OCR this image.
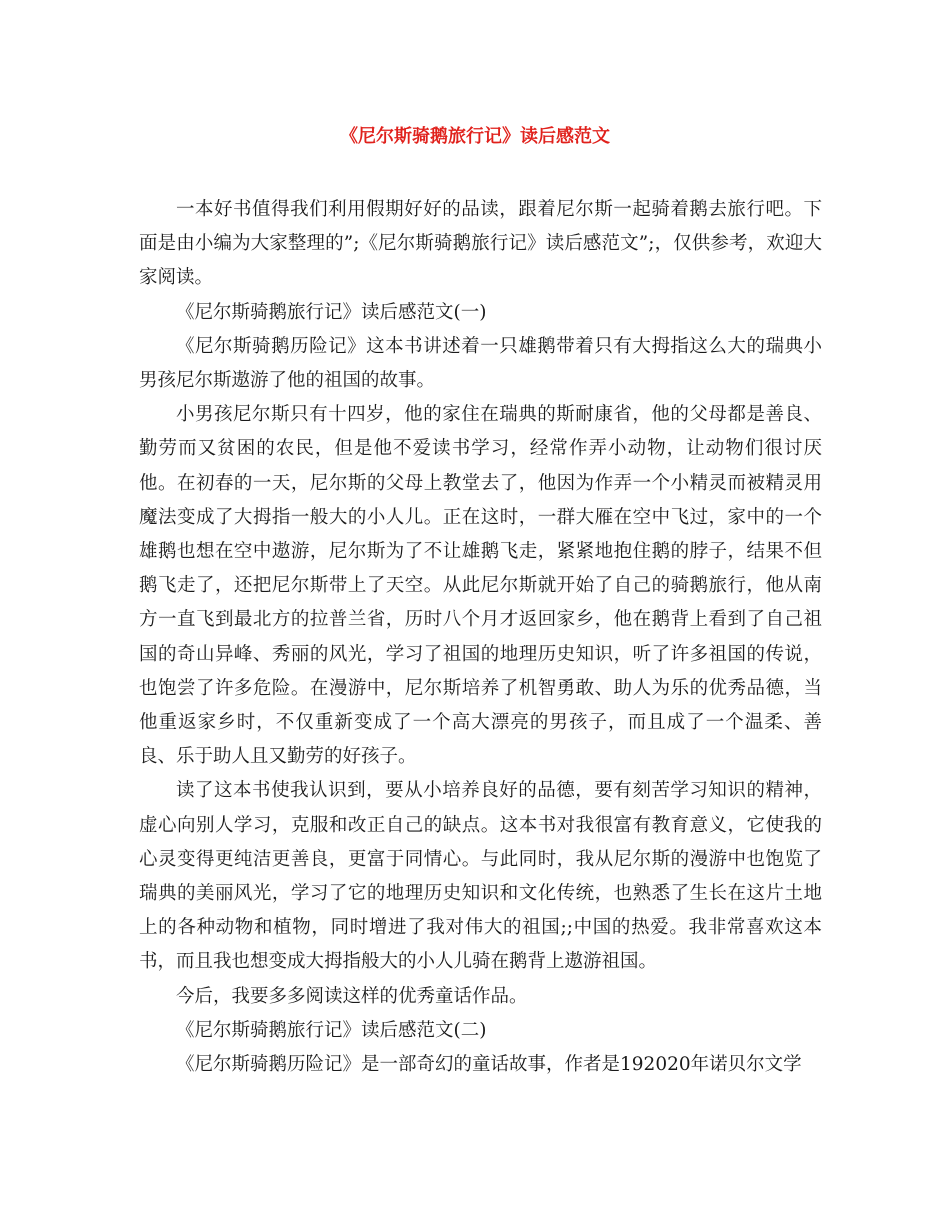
《尼尔斯骑鹅旅行记》读后感范文

一本好书值得我们利用假期好好的品读，跟着尼尔斯一起骑着鹅去旅行吧。下面是由小编为大家整理的”;《尼尔斯骑鹅旅行记》读后感范文”;，仅供参考，欢迎大家阅读。

《尼尔斯骑鹅旅行记》读后感范文(一)

《尼尔斯骑鹅历险记》这本书讲述着一只雄鹅带着只有大拇指这么大的瑞典小男孩尼尔斯遨游了他的祖国的故事。

小男孩尼尔斯只有十四岁，他的家住在瑞典的斯耐康省，他的父母都是善良、勤劳而又贫困的农民，但是他不爱读书学习，经常作弄小动物，让动物们很讨厌他。在初春的一天，尼尔斯的父母上教堂去了，他因为作弄一个小精灵而被精灵用魔法变成了大拇指一般大的小人儿。正在这时，一群大雁在空中飞过，家中的一个雄鹅也想在空中遨游，尼尔斯为了不让雄鹅飞走，紧紧地抱住鹅的脖子，结果不但鹅飞走了，还把尼尔斯带上了天空。从此尼尔斯就开始了自己的骑鹅旅行，他从南方一直飞到最北方的拉普兰省，历时八个月才返回家乡，他在鹅背上看到了自己祖国的奇山异峰、秀丽的风光，学习了祖国的地理历史知识，听了许多祖国的传说，也饱尝了许多危险。在漫游中，尼尔斯培养了机智勇敢、助人为乐的优秀品德，当他重返家乡时，不仅重新变成了一个高大漂亮的男孩子，而且成了一个温柔、善良、乐于助人且又勤劳的好孩子。

读了这本书使我认识到，要从小培养良好的品德，要有刻苦学习知识的精神，虚心向别人学习，克服和改正自己的缺点。这本书对我很富有教育意义，它使我的心灵变得更纯洁更善良，更富于同情心。与此同时，我从尼尔斯的漫游中也饱览了瑞典的美丽风光，学习了它的地理历史知识和文化传统，也熟悉了生长在这片土地上的各种动物和植物，同时增进了我对伟大的祖国;;中国的热爱。我非常喜欢这本书，而且我也想变成大拇指般大的小人儿骑在鹅背上遨游祖国。

今后，我要多多阅读这样的优秀童话作品。

《尼尔斯骑鹅旅行记》读后感范文(二)

《尼尔斯骑鹅历险记》是一部奇幻的童话故事，作者是192020年诺贝尔文学
